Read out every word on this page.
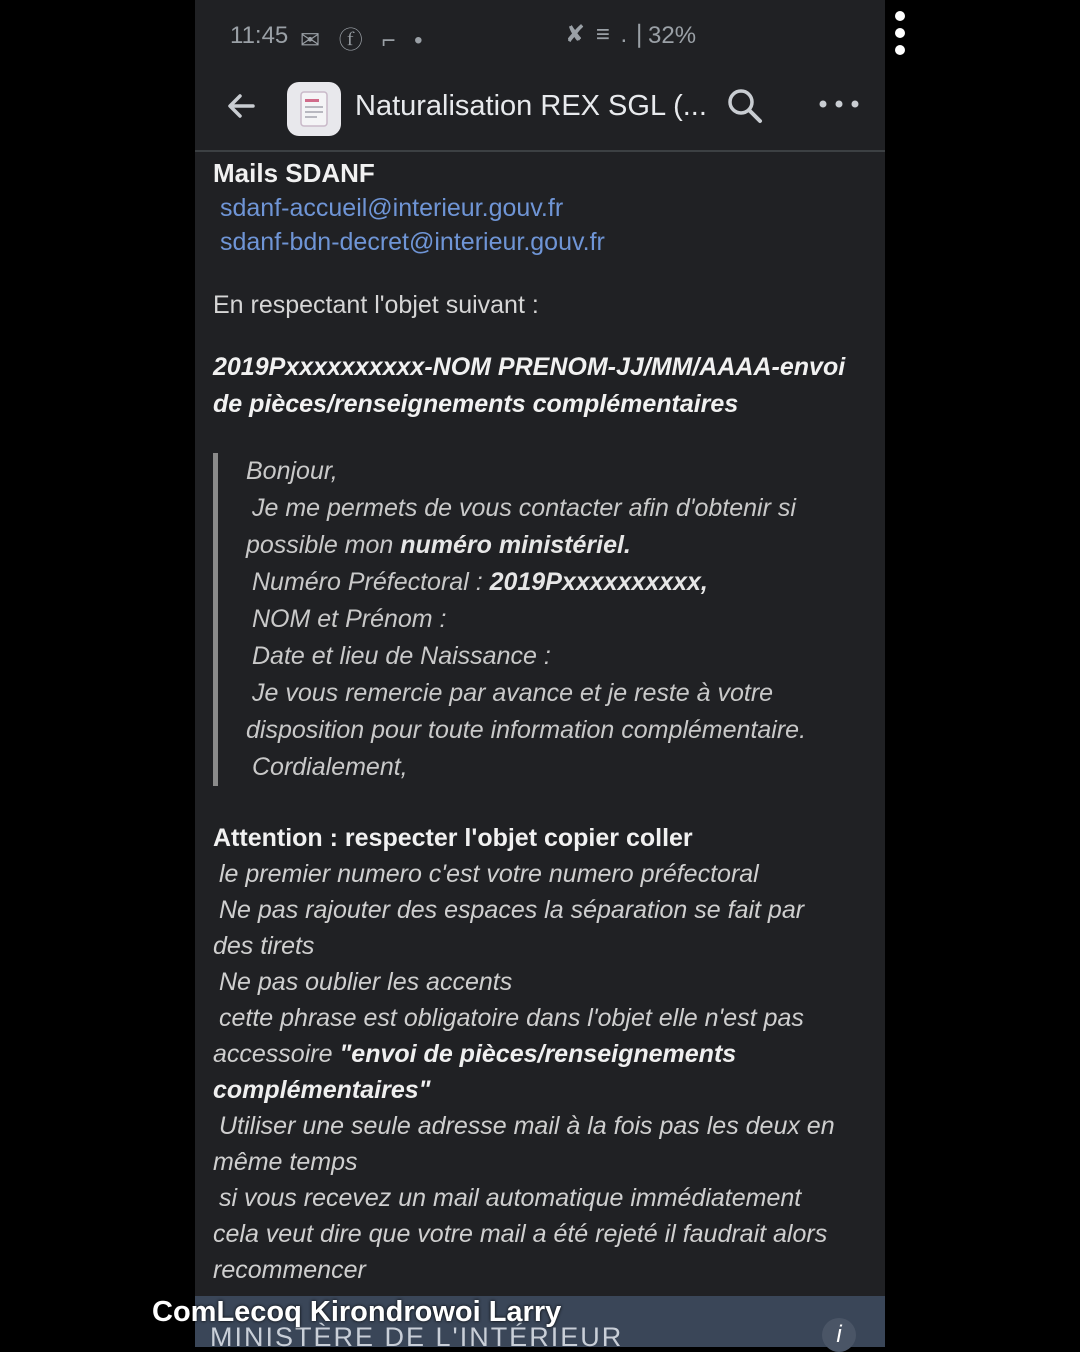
11:45 ✉ ⓕ ⌐ •	✘ ≡ .❘
32%
Naturalisation REX SGL (...
Mails SDANF
sdanf-accueil@interieur.gouv.fr
sdanf-bdn-decret@interieur.gouv.fr
En respectant l'objet suivant :
2019Pxxxxxxxxxx-NOM PRENOM-JJ/MM/AAAA-envoi
de pièces/renseignements complémentaires
Bonjour,
Je me permets de vous contacter afin d'obtenir si
possible mon numéro ministériel.
Numéro Préfectoral : 2019Pxxxxxxxxxx,
NOM et Prénom :
Date et lieu de Naissance :
Je vous remercie par avance et je reste à votre
disposition pour toute information complémentaire.
Cordialement,
Attention : respecter l'objet copier coller
le premier numero c'est votre numero préfectoral
Ne pas rajouter des espaces la séparation se fait par
des tirets
Ne pas oublier les accents
cette phrase est obligatoire dans l'objet elle n'est pas
accessoire "envoi de pièces/renseignements
complémentaires"
Utiliser une seule adresse mail à la fois pas les deux en
même temps
si vous recevez un mail automatique immédiatement
cela veut dire que votre mail a été rejeté il faudrait alors
recommencer
MINISTÈRE DE L'INTÉRIEUR	i
ComLecoq Kirondrowoi Larry
